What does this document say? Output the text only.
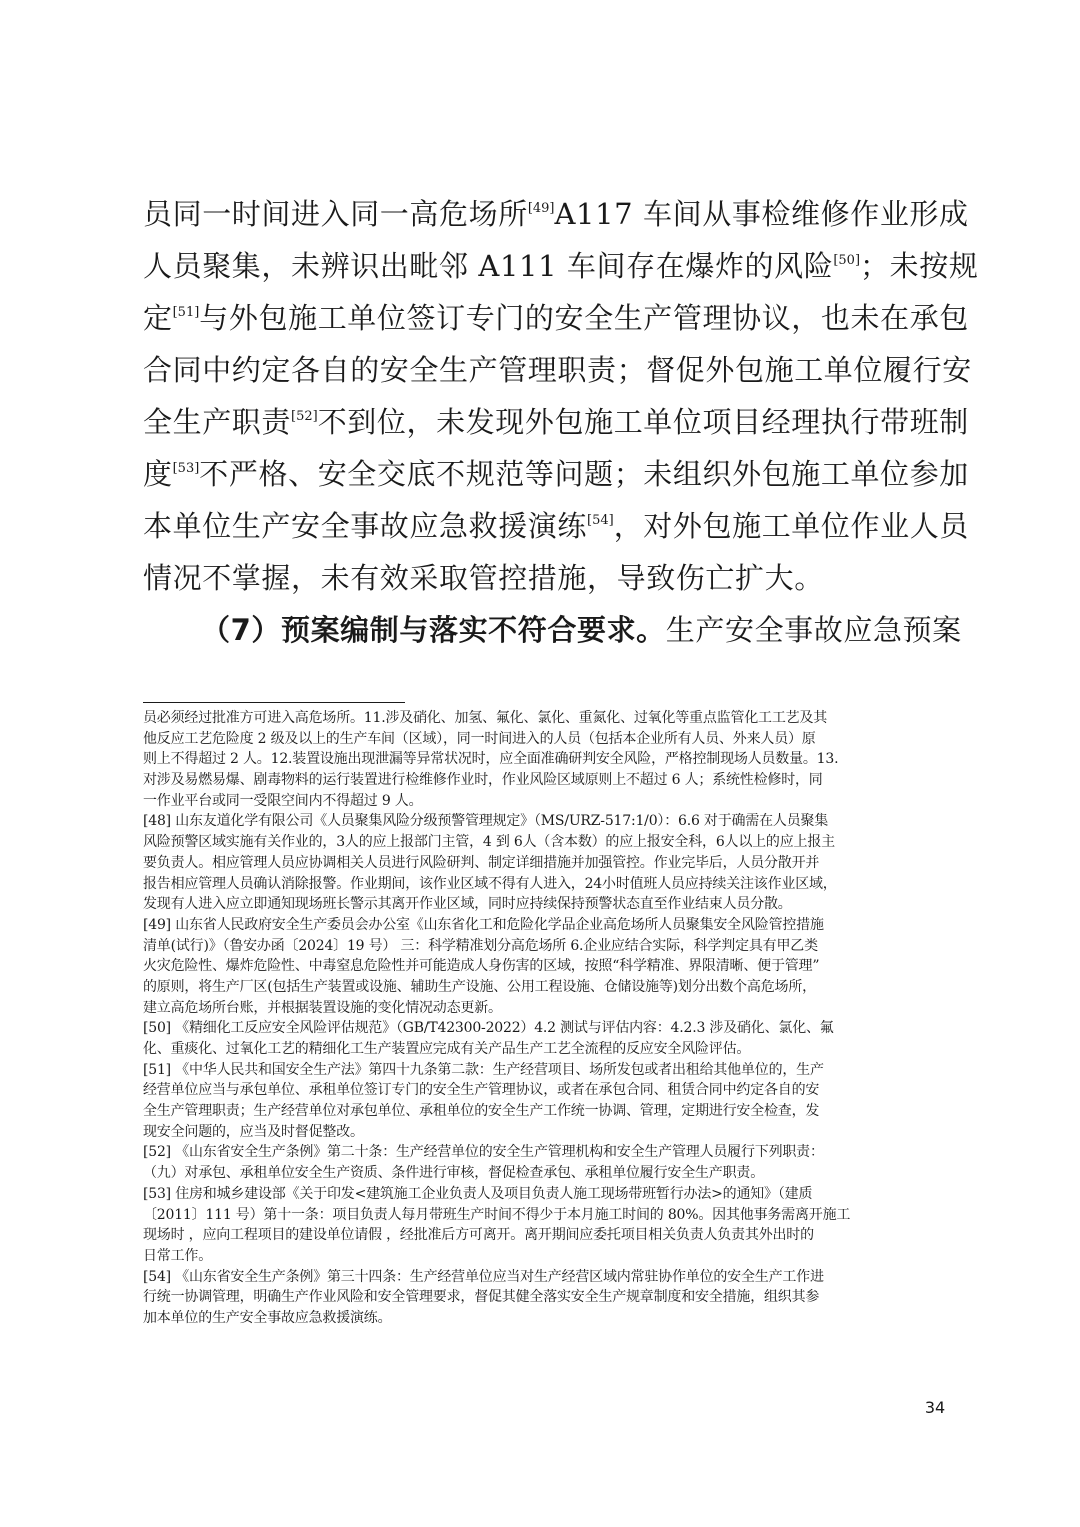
员同一时间进入同一高危场所[49]A117 车间从事检维修作业形成
人员聚集，未辨识出毗邻 A111 车间存在爆炸的风险[50]；未按规
定[51]与外包施工单位签订专门的安全生产管理协议，也未在承包
合同中约定各自的安全生产管理职责；督促外包施工单位履行安
全生产职责[52]不到位，未发现外包施工单位项目经理执行带班制
度[53]不严格、安全交底不规范等问题；未组织外包施工单位参加
本单位生产安全事故应急救援演练[54]，对外包施工单位作业人员
情况不掌握，未有效采取管控措施，导致伤亡扩大。
（7）预案编制与落实不符合要求。生产安全事故应急预案
员必须经过批准方可进入高危场所。11.涉及硝化、加氢、氟化、氯化、重氮化、过氧化等重点监管化工工艺及其
他反应工艺危险度 2 级及以上的生产车间（区域），同一时间进入的人员（包括本企业所有人员、外来人员）原
则上不得超过 2 人。12.装置设施出现泄漏等异常状况时，应全面准确研判安全风险，严格控制现场人员数量。13.
对涉及易燃易爆、剧毒物料的运行装置进行检维修作业时，作业风险区域原则上不超过 6 人；系统性检修时，同
一作业平台或同一受限空间内不得超过 9 人。
[48] 山东友道化学有限公司《人员聚集风险分级预警管理规定》（MS/URZ-517:1/0）：6.6 对于确需在人员聚集
风险预警区域实施有关作业的，3人的应上报部门主管，4 到 6人（含本数）的应上报安全科，6人以上的应上报主
要负责人。相应管理人员应协调相关人员进行风险研判、制定详细措施并加强管控。作业完毕后，人员分散开并
报告相应管理人员确认消除报警。作业期间，该作业区域不得有人进入，24小时值班人员应持续关注该作业区域，
发现有人进入应立即通知现场班长警示其离开作业区域，同时应持续保持预警状态直至作业结束人员分散。
[49] 山东省人民政府安全生产委员会办公室《山东省化工和危险化学品企业高危场所人员聚集安全风险管控措施
清单(试行)》（鲁安办函〔2024〕19 号） 三：科学精准划分高危场所 6.企业应结合实际，科学判定具有甲乙类
火灾危险性、爆炸危险性、中毒窒息危险性并可能造成人身伤害的区域，按照“科学精准、界限清晰、便于管理”
的原则，将生产厂区(包括生产装置或设施、辅助生产设施、公用工程设施、仓储设施等)划分出数个高危场所，
建立高危场所台账，并根据装置设施的变化情况动态更新。
[50] 《精细化工反应安全风险评估规范》（GB/T42300-2022）4.2 测试与评估内容：4.2.3 涉及硝化、氯化、氟
化、重痰化、过氧化工艺的精细化工生产装置应完成有关产品生产工艺全流程的反应安全风险评估。
[51] 《中华人民共和国安全生产法》第四十九条第二款：生产经营项目、场所发包或者出租给其他单位的，生产
经营单位应当与承包单位、承租单位签订专门的安全生产管理协议，或者在承包合同、租赁合同中约定各自的安
全生产管理职责；生产经营单位对承包单位、承租单位的安全生产工作统一协调、管理，定期进行安全检查，发
现安全问题的，应当及时督促整改。
[52] 《山东省安全生产条例》第二十条：生产经营单位的安全生产管理机构和安全生产管理人员履行下列职责：
（九）对承包、承租单位安全生产资质、条件进行审核，督促检查承包、承租单位履行安全生产职责。
[53] 住房和城乡建设部《关于印发<建筑施工企业负责人及项目负责人施工现场带班暂行办法>的通知》（建质
〔2011〕111 号）第十一条：项目负责人每月带班生产时间不得少于本月施工时间的 80%。因其他事务需离开施工
现场时 ，应向工程项目的建设单位请假 ，经批准后方可离开。离开期间应委托项目相关负责人负责其外出时的
日常工作。
[54] 《山东省安全生产条例》第三十四条：生产经营单位应当对生产经营区域内常驻协作单位的安全生产工作进
行统一协调管理，明确生产作业风险和安全管理要求，督促其健全落实安全生产规章制度和安全措施，组织其参
加本单位的生产安全事故应急救援演练。
34
